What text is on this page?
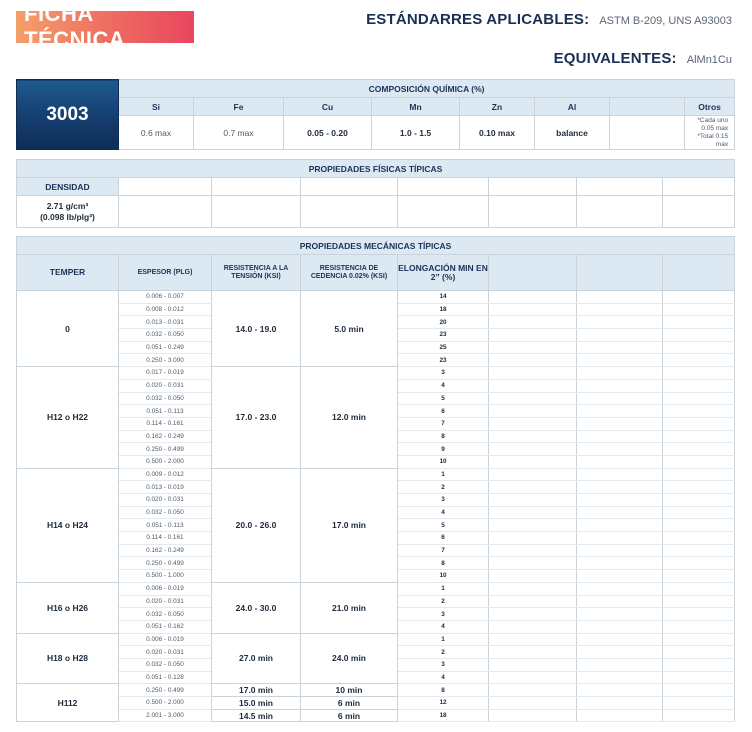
FICHA TÉCNICA
ESTÁNDARRES APLICABLES: ASTM B-209, UNS A93003
EQUIVALENTES: AlMn1Cu
3003	COMPOSICIÓN QUÍMICA (%)							
	Si	Fe	Cu	Mn	Zn	Al		Otros
	0.6 max	0.7 max	0.05 - 0.20	1.0 - 1.5	0.10 max	balance		*Cada uno 0.05 max
*Total 0.15 max
PROPIEDADES FÍSICAS TÍPICAS							
DENSIDAD							

2.71 g/cm³
(0.098 lb/plg³)							

PROPIEDADES MECÁNICAS TÍPICAS							
TEMPER	ESPESOR (PLG)	RESISTENCIA A LA TENSIÓN (KSI)	RESISTENCIA DE CEDENCIA 0.02% (KSI)	ELONGACIÓN MIN EN 2” (%)			
0	0.006 - 0.007	14.0 - 19.0	5.0 min	14			
	0.008 - 0.012			18			
	0.013 - 0.031			20			
	0.032 - 0.050			23			
	0.051 - 0.249			25			
	0.250 - 3.000			23			
H12 o H22	0.017 - 0.019	17.0 - 23.0	12.0 min	3			
	0.020 - 0.031			4			
	0.032 - 0.050			5			
	0.051 - 0.113			6			
	0.114 - 0.161			7			
	0.162 - 0.249			8			
	0.250 - 0.499			9			
	0.500 - 2.000			10			
H14 o H24	0.009 - 0.012	20.0 - 26.0	17.0 min	1			
	0.013 - 0.019			2			
	0.020 - 0.031			3			
	0.032 - 0.050			4			
	0.051 - 0.113			5			
	0.114 - 0.161			6			
	0.162 - 0.249			7			
	0.250 - 0.499			8			
	0.500 - 1.000			10			
H16 o H26	0.006 - 0.019	24.0 - 30.0	21.0 min	1			
	0.020 - 0.031			2			
	0.032 - 0.050			3			
	0.051 - 0.162			4			
H18 o H28	0.006 - 0.019	27.0 min	24.0 min	1			
	0.020 - 0.031			2			
	0.032 - 0.050			3			
	0.051 - 0.128			4			
H112	0.250 - 0.499	17.0 min	10 min	8			
	0.500 - 2.000	15.0 min	6 min	12			
	2.001 - 3.000	14.5 min	6 min	18			
